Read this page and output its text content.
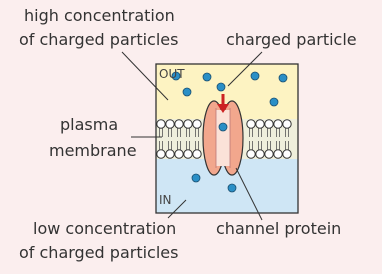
high concentration
of charged particles	charged particle
plasma
membrane
low concentration
of charged particles
channel protein
OUT
IN
